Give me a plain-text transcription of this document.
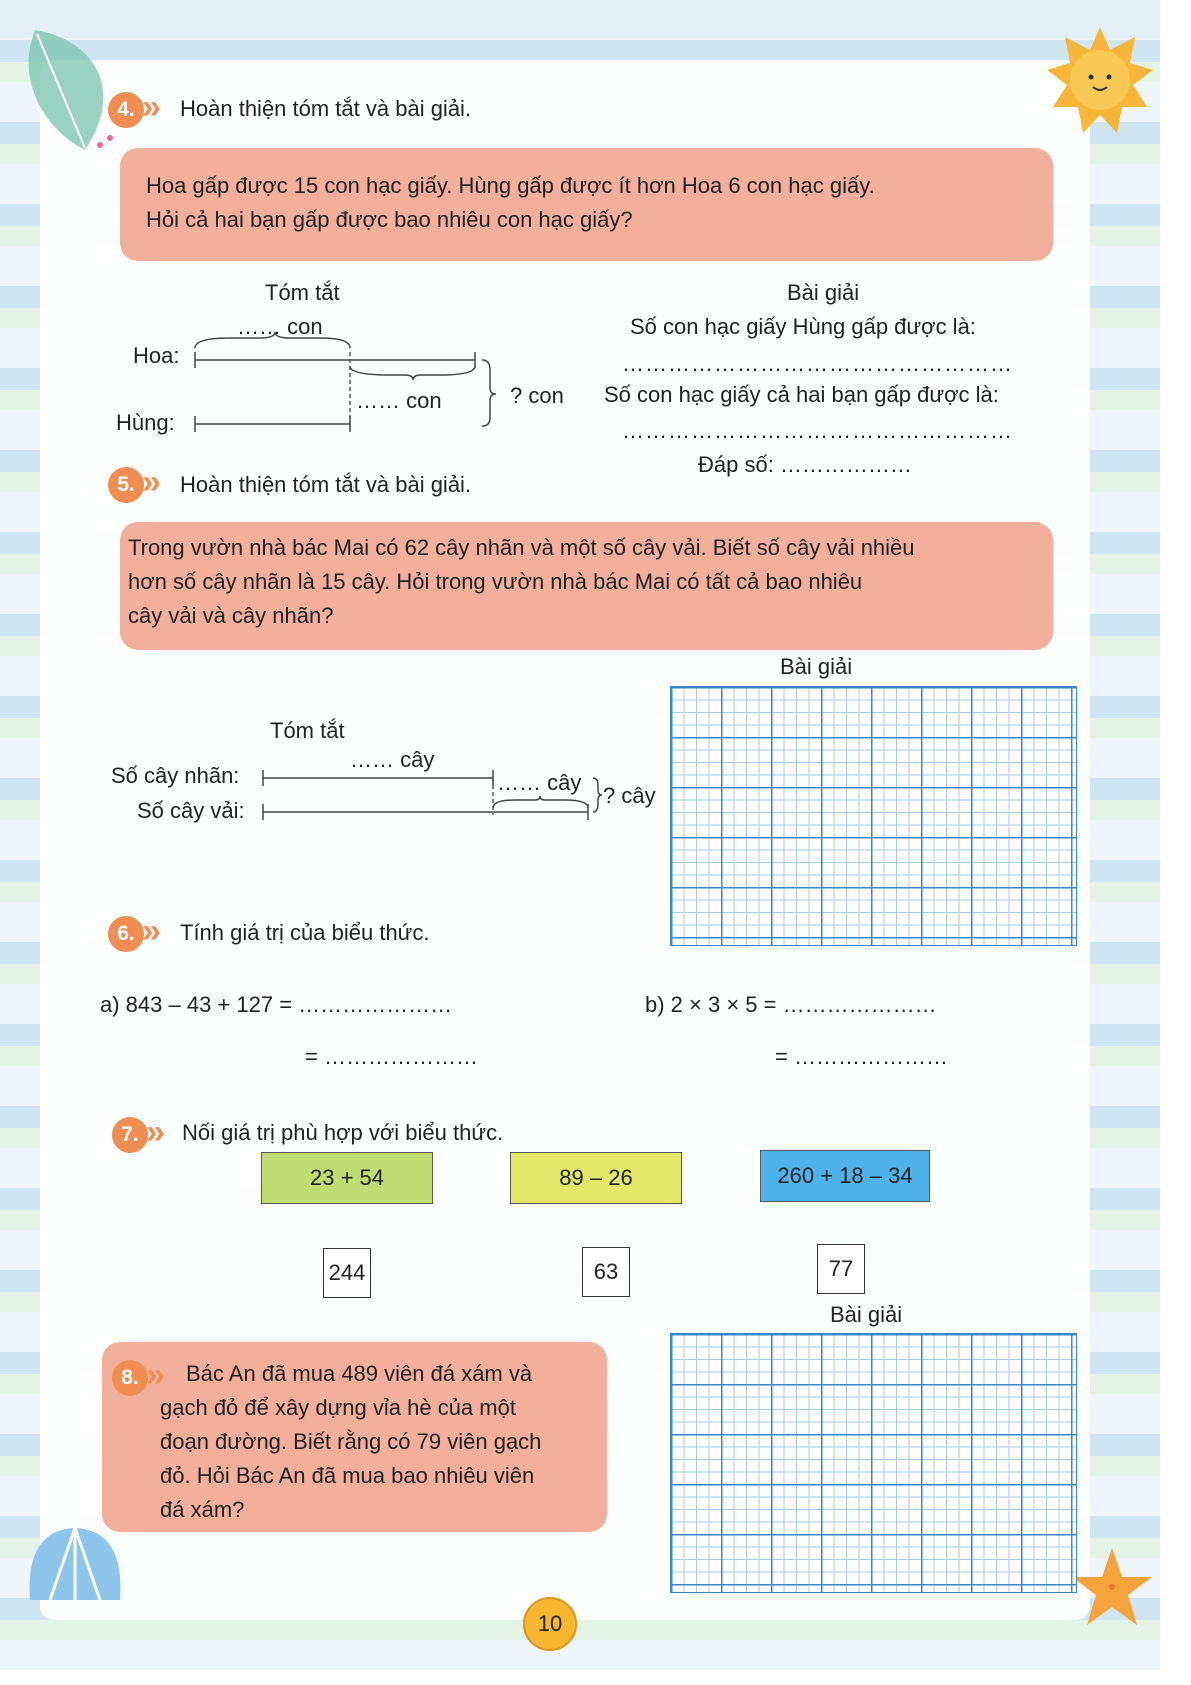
4. »	Hoàn thiện tóm tắt và bài giải.
Hoa gấp được 15 con hạc giấy. Hùng gấp được ít hơn Hoa 6 con hạc giấy.
Hỏi cả hai bạn gấp được bao nhiêu con hạc giấy?
Tóm tắt
…… con
Hoa:
Hùng:
…… con	? con
Bài giải
Số con hạc giấy Hùng gấp được là:
……………………………………………
Số con hạc giấy cả hai bạn gấp được là:
……………………………………………
Đáp số: ………………
5. »	Hoàn thiện tóm tắt và bài giải.
Trong vườn nhà bác Mai có 62 cây nhãn và một số cây vải. Biết số cây vải nhiều
hơn số cây nhãn là 15 cây. Hỏi trong vườn nhà bác Mai có tất cả bao nhiêu
cây vải và cây nhãn?
Bài giải
Tóm tắt
…… cây
Số cây nhãn:
Số cây vải:
…… cây
? cây
6. »	Tính giá trị của biểu thức.
a) 843 – 43 + 127 = …………………
= …………………
b) 2 × 3 × 5 = …………………
= …………………
7. »	Nối giá trị phù hợp với biểu thức.
23 + 54	89 – 26	260 + 18 – 34
244	63	77
Bài giải
Bác An đã mua 489 viên đá xám và
gạch đỏ để xây dựng vỉa hè của một
đoạn đường. Biết rằng có 79 viên gạch
đỏ. Hỏi Bác An đã mua bao nhiêu viên
đá xám?
8. »
10
